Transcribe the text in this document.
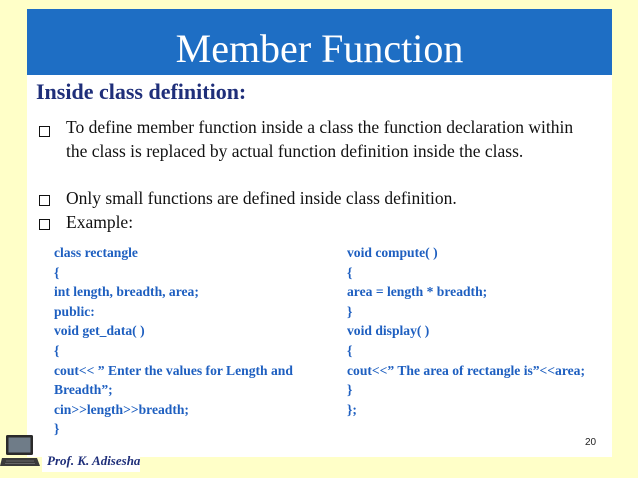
Member Function
Inside class definition:
To define member function inside a class the function declaration within the class is replaced by actual function definition inside the class.
Only small functions are defined inside class definition.
Example:
class rectangle
{
int length, breadth, area;
public:
void get_data( )
{
cout<< ” Enter the values for Length and
Breadth”;
cin>>length>>breadth;
}
void compute( )
{
area = length * breadth;
}
void display( )
{
cout<<” The area of rectangle is”<<area;
}
};
20
Prof. K. Adisesha
